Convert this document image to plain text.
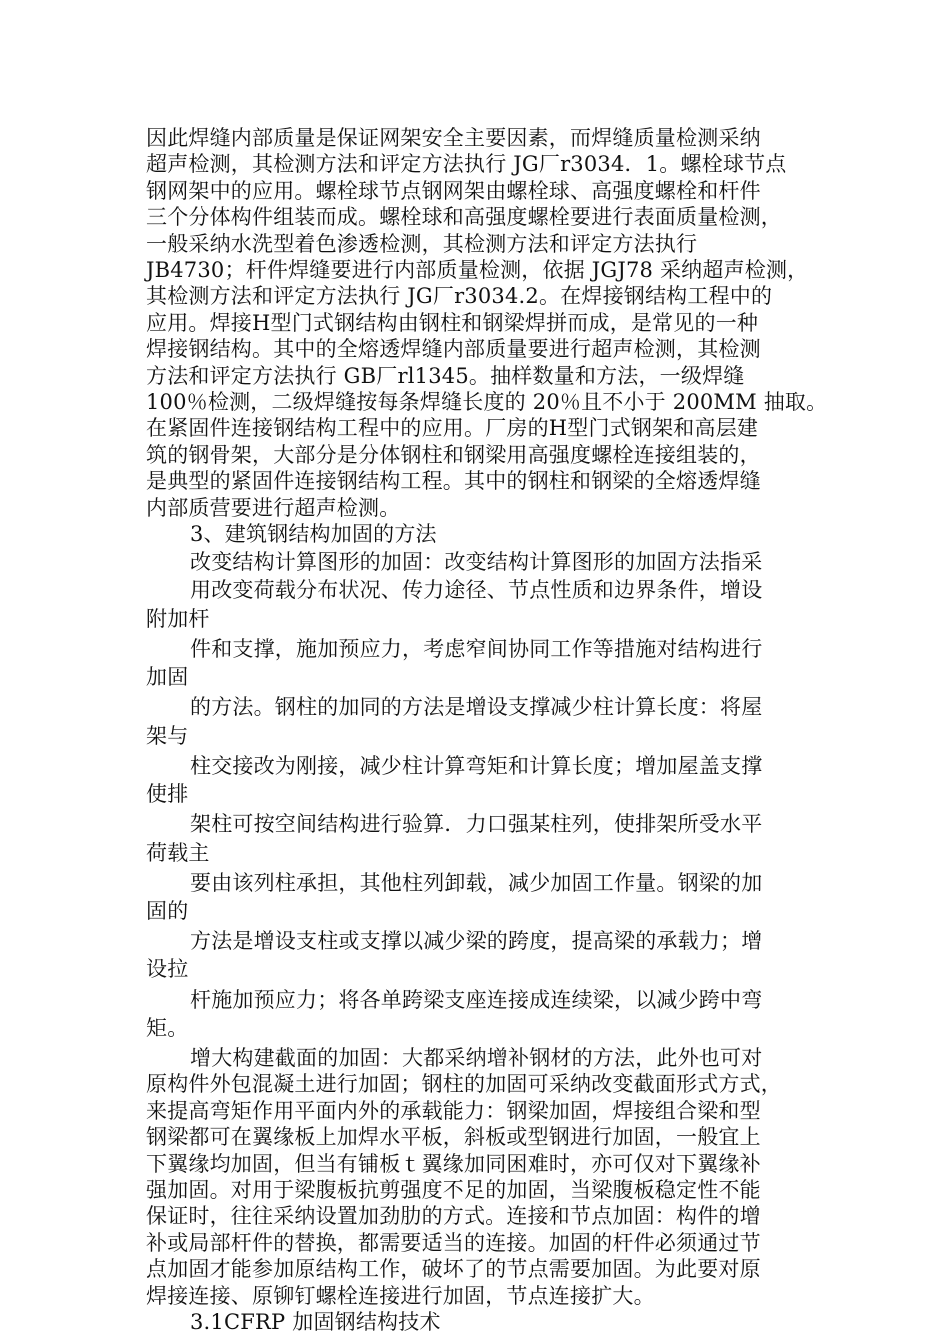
因此焊缝内部质量是保证网架安全主要因素，而焊缝质量检测采纳
超声检测，其检测方法和评定方法执行 JG厂r3034．1。螺栓球节点
钢网架中的应用。螺栓球节点钢网架由螺栓球、高强度螺栓和杆件
三个分体构件组装而成。螺栓球和高强度螺栓要进行表面质量检测，
一般采纳水洗型着色渗透检测，其检测方法和评定方法执行
JB4730；杆件焊缝要进行内部质量检测，依据 JGJ78 采纳超声检测，
其检测方法和评定方法执行 JG厂r3034.2。在焊接钢结构工程中的
应用。焊接H型门式钢结构由钢柱和钢梁焊拼而成，是常见的一种
焊接钢结构。其中的全熔透焊缝内部质量要进行超声检测，其检测
方法和评定方法执行 GB厂rl1345。抽样数量和方法，一级焊缝
100％检测，二级焊缝按每条焊缝长度的 20％且不小于 200MM 抽取。
在紧固件连接钢结构工程中的应用。厂房的H型门式钢架和高层建
筑的钢骨架，大部分是分体钢柱和钢梁用高强度螺栓连接组装的，
是典型的紧固件连接钢结构工程。其中的钢柱和钢梁的全熔透焊缝
内部质营要进行超声检测。
3、建筑钢结构加固的方法
改变结构计算图形的加固：改变结构计算图形的加固方法指采
用改变荷载分布状况、传力途径、节点性质和边界条件，增设
附加杆
件和支撑，施加预应力，考虑窄间协同工作等措施对结构进行
加固
的方法。钢柱的加同的方法是增设支撑减少柱计算长度：将屋
架与
柱交接改为刚接，减少柱计算弯矩和计算长度；增加屋盖支撑
使排
架柱可按空间结构进行验算．力口强某柱列，使排架所受水平
荷载主
要由该列柱承担，其他柱列卸载，减少加固工作量。钢梁的加
固的
方法是增设支柱或支撑以减少梁的跨度，提高梁的承载力；增
设拉
杆施加预应力；将各单跨梁支座连接成连续梁，以减少跨中弯
矩。
增大构建截面的加固：大都采纳增补钢材的方法，此外也可对
原构件外包混凝土进行加固；钢柱的加固可采纳改变截面形式方式，
来提高弯矩作用平面内外的承载能力：钢梁加固，焊接组合梁和型
钢梁都可在翼缘板上加焊水平板，斜板或型钢进行加固，一般宜上
下翼缘均加固，但当有铺板ｔ翼缘加同困难时，亦可仅对下翼缘补
强加固。对用于梁腹板抗剪强度不足的加固，当梁腹板稳定性不能
保证时，往往采纳设置加劲肋的方式。连接和节点加固：构件的增
补或局部杆件的替换，都需要适当的连接。加固的杆件必须通过节
点加固才能参加原结构工作，破坏了的节点需要加固。为此要对原
焊接连接、原铆钉螺栓连接进行加固，节点连接扩大。
3.1CFRP 加固钢结构技术
